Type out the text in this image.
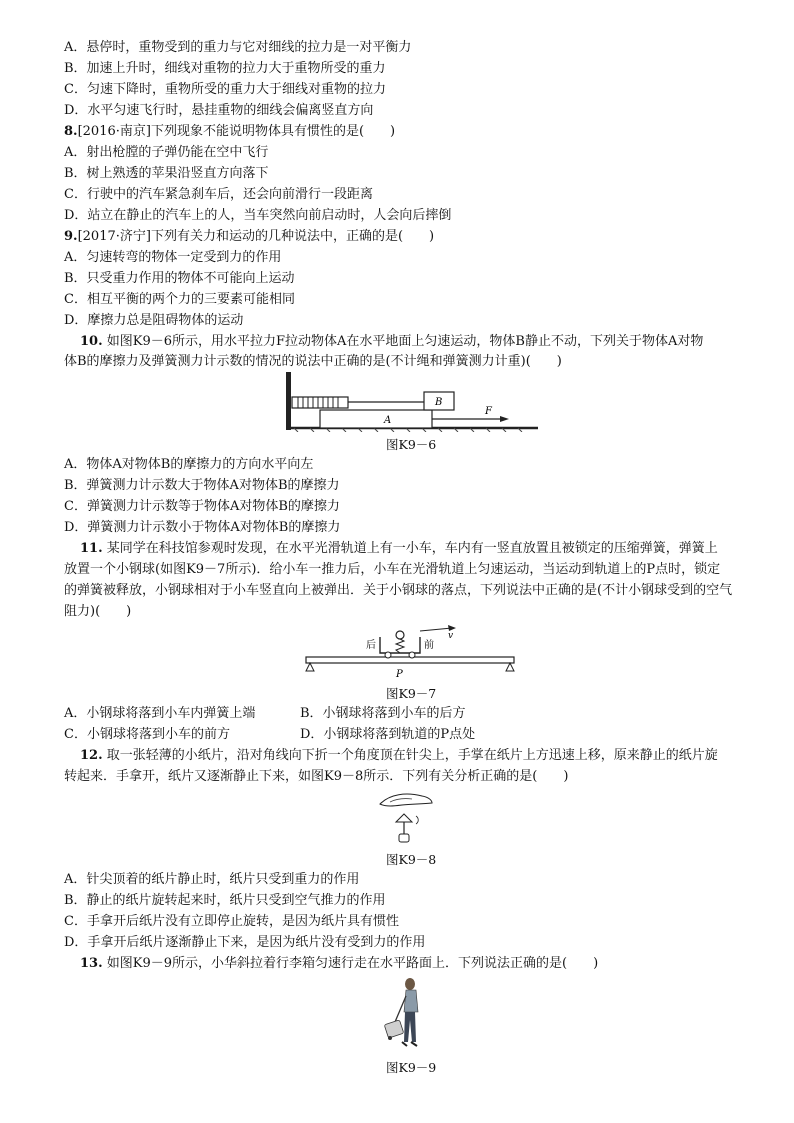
A．悬停时，重物受到的重力与它对细线的拉力是一对平衡力
B．加速上升时，细线对重物的拉力大于重物所受的重力
C．匀速下降时，重物所受的重力大于细线对重物的拉力
D．水平匀速飞行时，悬挂重物的细线会偏离竖直方向
8.[2016·南京]下列现象不能说明物体具有惯性的是(　　)
A．射出枪膛的子弹仍能在空中飞行
B．树上熟透的苹果沿竖直方向落下
C．行驶中的汽车紧急刹车后，还会向前滑行一段距离
D．站立在静止的汽车上的人，当车突然向前启动时，人会向后摔倒
9.[2017·济宁]下列有关力和运动的几种说法中，正确的是(　　)
A．匀速转弯的物体一定受到力的作用
B．只受重力作用的物体不可能向上运动
C．相互平衡的两个力的三要素可能相同
D．摩擦力总是阻碍物体的运动
10. 如图K9－6所示，用水平拉力F拉动物体A在水平地面上匀速运动，物体B静止不动，下列关于物体A对物
体B的摩擦力及弹簧测力计示数的情况的说法中正确的是(不计绳和弹簧测力计重)(　　)
A
B
F
图K9－6
A．物体A对物体B的摩擦力的方向水平向左
B．弹簧测力计示数大于物体A对物体B的摩擦力
C．弹簧测力计示数等于物体A对物体B的摩擦力
D．弹簧测力计示数小于物体A对物体B的摩擦力
11. 某同学在科技馆参观时发现，在水平光滑轨道上有一小车，车内有一竖直放置且被锁定的压缩弹簧，弹簧上
放置一个小钢球(如图K9－7所示)．给小车一推力后，小车在光滑轨道上匀速运动，当运动到轨道上的P点时，锁定
的弹簧被释放，小钢球相对于小车竖直向上被弹出．关于小钢球的落点，下列说法中正确的是(不计小钢球受到的空气
阻力)(　　)
后	前
v
P
图K9－7
A．小钢球将落到小车内弹簧上端	B．小钢球将落到小车的后方
C．小钢球将落到小车的前方	D．小钢球将落到轨道的P点处
12. 取一张轻薄的小纸片，沿对角线向下折一个角度顶在针尖上，手掌在纸片上方迅速上移，原来静止的纸片旋
转起来．手拿开，纸片又逐渐静止下来，如图K9－8所示．下列有关分析正确的是(　　)
图K9－8
A．针尖顶着的纸片静止时，纸片只受到重力的作用
B．静止的纸片旋转起来时，纸片只受到空气推力的作用
C．手拿开后纸片没有立即停止旋转，是因为纸片具有惯性
D．手拿开后纸片逐渐静止下来，是因为纸片没有受到力的作用
13. 如图K9－9所示，小华斜拉着行李箱匀速行走在水平路面上．下列说法正确的是(　　)
图K9－9
